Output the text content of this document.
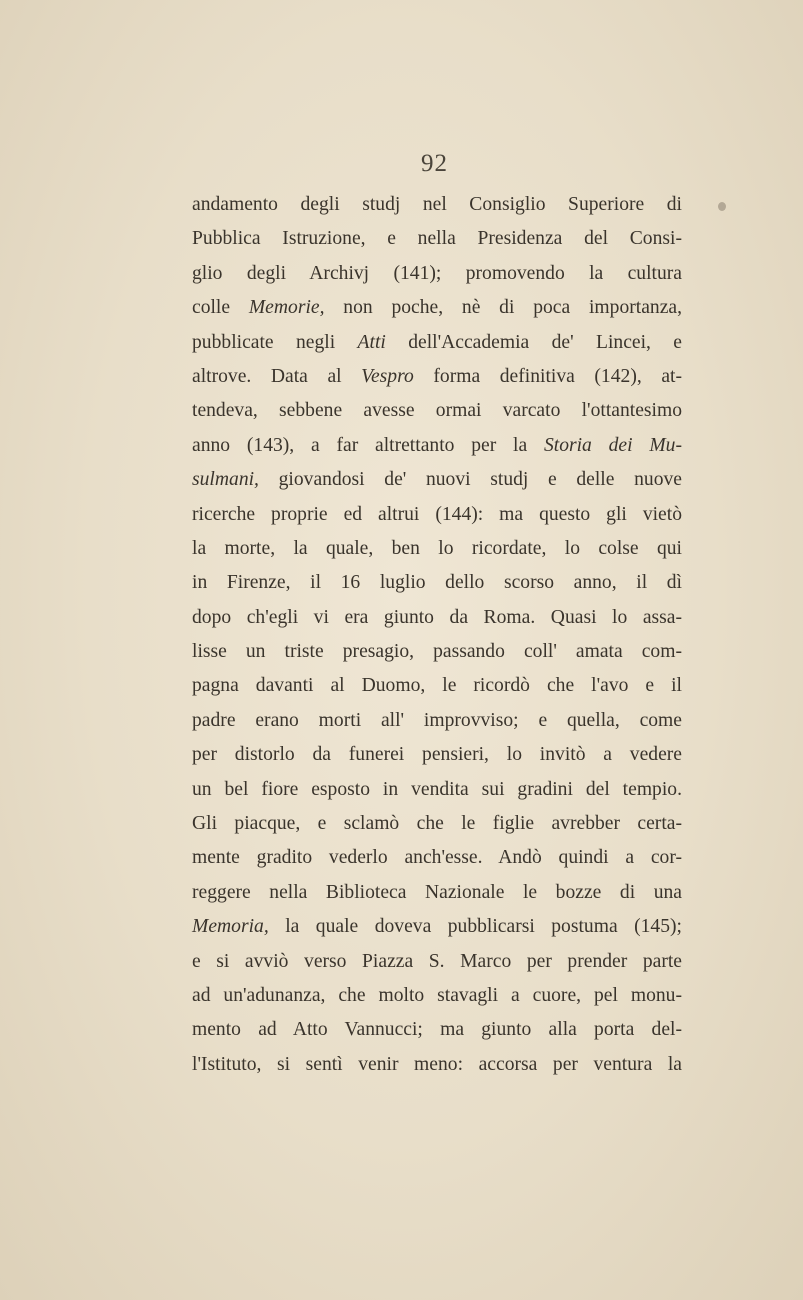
92
andamento degli studj nel Consiglio Superiore di
Pubblica Istruzione, e nella Presidenza del Consi-
glio degli Archivj (141); promovendo la cultura
colle Memorie, non poche, nè di poca importanza,
pubblicate negli Atti dell'Accademia de' Lincei, e
altrove. Data al Vespro forma definitiva (142), at-
tendeva, sebbene avesse ormai varcato l'ottantesimo
anno (143), a far altrettanto per la Storia dei Mu-
sulmani, giovandosi de' nuovi studj e delle nuove
ricerche proprie ed altrui (144): ma questo gli vietò
la morte, la quale, ben lo ricordate, lo colse qui
in Firenze, il 16 luglio dello scorso anno, il dì
dopo ch'egli vi era giunto da Roma. Quasi lo assa-
lisse un triste presagio, passando coll' amata com-
pagna davanti al Duomo, le ricordò che l'avo e il
padre erano morti all' improvviso; e quella, come
per distorlo da funerei pensieri, lo invitò a vedere
un bel fiore esposto in vendita sui gradini del tempio.
Gli piacque, e sclamò che le figlie avrebber certa-
mente gradito vederlo anch'esse. Andò quindi a cor-
reggere nella Biblioteca Nazionale le bozze di una
Memoria, la quale doveva pubblicarsi postuma (145);
e si avviò verso Piazza S. Marco per prender parte
ad un'adunanza, che molto stavagli a cuore, pel monu-
mento ad Atto Vannucci; ma giunto alla porta del-
l'Istituto, si sentì venir meno: accorsa per ventura la
